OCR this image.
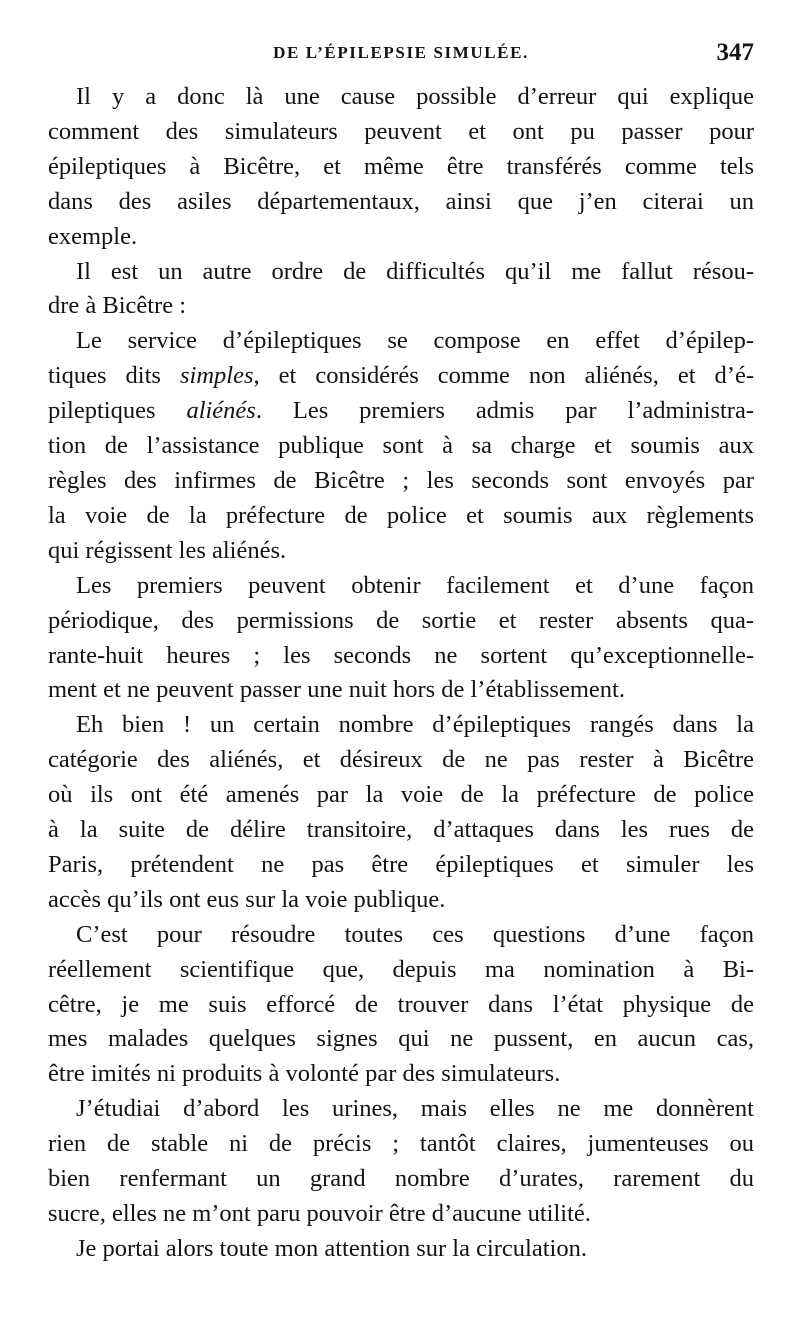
DE L’ÉPILEPSIE SIMULÉE.	347

Il y a donc là une cause possible d’erreur qui explique
comment des simulateurs peuvent et ont pu passer pour
épileptiques à Bicêtre, et même être transférés comme tels
dans des asiles départementaux, ainsi que j’en citerai un
exemple.

Il est un autre ordre de difficultés qu’il me fallut résou-
dre à Bicêtre :

Le service d’épileptiques se compose en effet d’épilep-
tiques dits simples, et considérés comme non aliénés, et d’é-
pileptiques aliénés. Les premiers admis par l’administra-
tion de l’assistance publique sont à sa charge et soumis aux
règles des infirmes de Bicêtre ; les seconds sont envoyés par
la voie de la préfecture de police et soumis aux règlements
qui régissent les aliénés.

Les premiers peuvent obtenir facilement et d’une façon
périodique, des permissions de sortie et rester absents qua-
rante-huit heures ; les seconds ne sortent qu’exceptionnelle-
ment et ne peuvent passer une nuit hors de l’établissement.

Eh bien ! un certain nombre d’épileptiques rangés dans la
catégorie des aliénés, et désireux de ne pas rester à Bicêtre
où ils ont été amenés par la voie de la préfecture de police
à la suite de délire transitoire, d’attaques dans les rues de
Paris, prétendent ne pas être épileptiques et simuler les
accès qu’ils ont eus sur la voie publique.

C’est pour résoudre toutes ces questions d’une façon
réellement scientifique que, depuis ma nomination à Bi-
cêtre, je me suis efforcé de trouver dans l’état physique de
mes malades quelques signes qui ne pussent, en aucun cas,
être imités ni produits à volonté par des simulateurs.

J’étudiai d’abord les urines, mais elles ne me donnèrent
rien de stable ni de précis ; tantôt claires, jumenteuses ou
bien renfermant un grand nombre d’urates, rarement du
sucre, elles ne m’ont paru pouvoir être d’aucune utilité.

Je portai alors toute mon attention sur la circulation.
